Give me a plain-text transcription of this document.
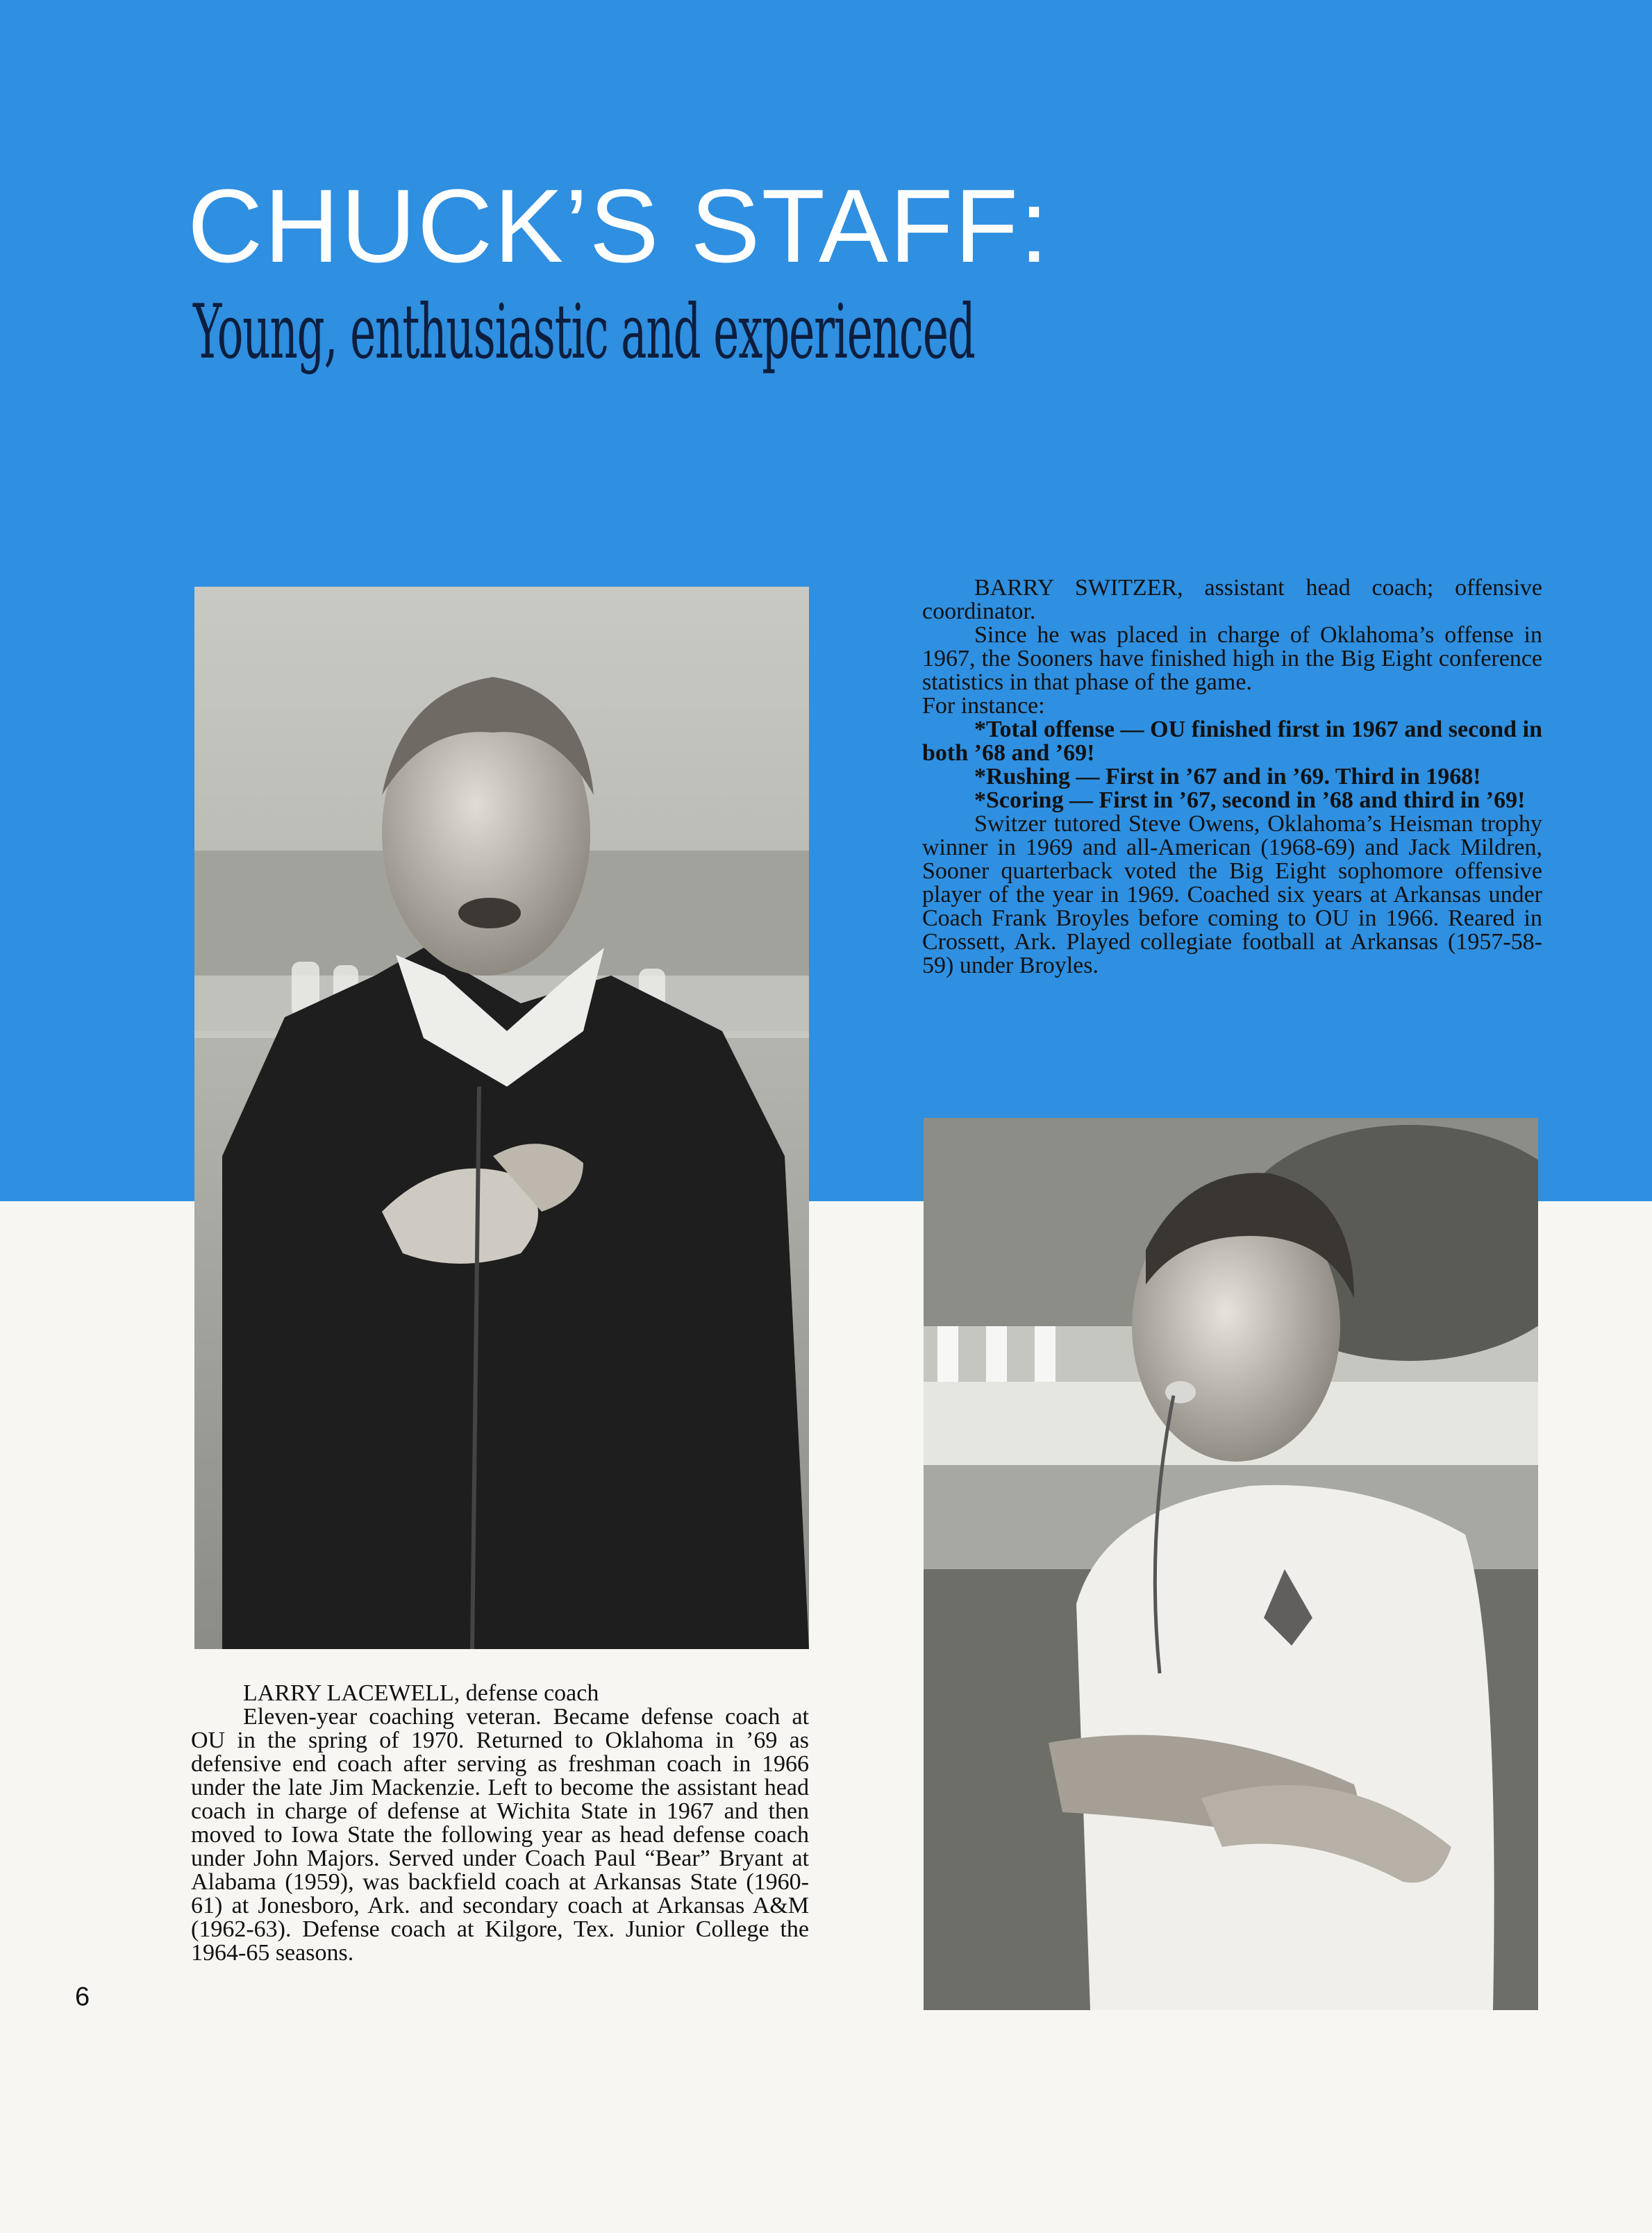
CHUCK’S STAFF:
Young, enthusiastic and experienced

BARRY SWITZER, assistant head coach; offensive coordinator.

Since he was placed in charge of Oklahoma’s offense in 1967, the Sooners have finished high in the Big Eight conference statistics in that phase of the game.

For instance:

*Total offense — OU finished first in 1967 and second in both ’68 and ’69!

*Rushing — First in ’67 and in ’69. Third in 1968!

*Scoring — First in ’67, second in ’68 and third in ’69!

Switzer tutored Steve Owens, Oklahoma’s Heisman trophy winner in 1969 and all-American (1968-69) and Jack Mildren, Sooner quarterback voted the Big Eight sophomore offensive player of the year in 1969. Coached six years at Arkansas under Coach Frank Broyles before coming to OU in 1966. Reared in Crossett, Ark. Played collegiate football at Arkansas (1957-58-59) under Broyles.

LARRY LACEWELL, defense coach

Eleven-year coaching veteran. Became defense coach at OU in the spring of 1970. Returned to Oklahoma in ’69 as defensive end coach after serving as freshman coach in 1966 under the late Jim Mackenzie. Left to become the assistant head coach in charge of defense at Wichita State in 1967 and then moved to Iowa State the following year as head defense coach under John Majors. Served under Coach Paul “Bear” Bryant at Alabama (1959), was backfield coach at Arkansas State (1960-61) at Jonesboro, Ark. and secondary coach at Arkansas A&M (1962-63). Defense coach at Kilgore, Tex. Junior College the 1964-65 seasons.

6
